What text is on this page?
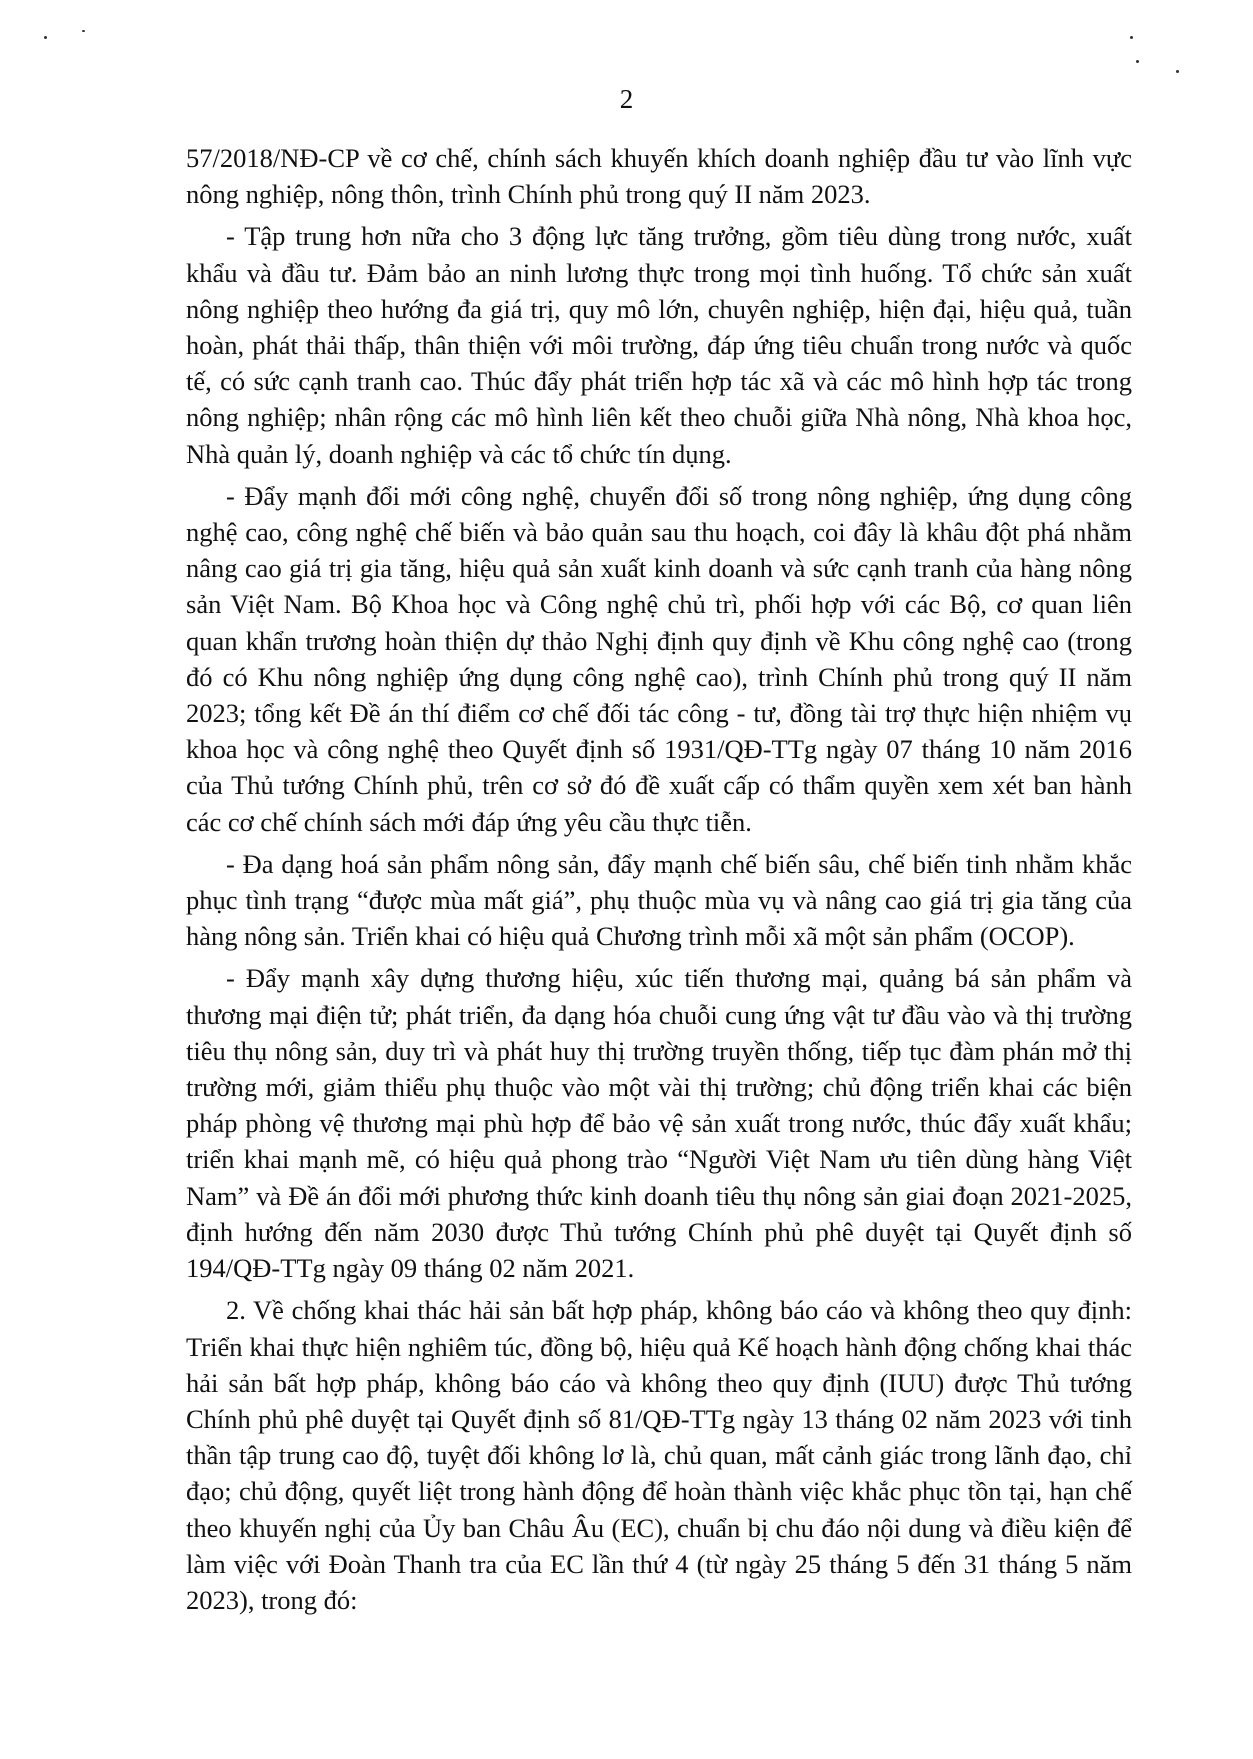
2

57/2018/NĐ-CP về cơ chế, chính sách khuyến khích doanh nghiệp đầu tư vào lĩnh vực nông nghiệp, nông thôn, trình Chính phủ trong quý II năm 2023.

- Tập trung hơn nữa cho 3 động lực tăng trưởng, gồm tiêu dùng trong nước, xuất khẩu và đầu tư. Đảm bảo an ninh lương thực trong mọi tình huống. Tổ chức sản xuất nông nghiệp theo hướng đa giá trị, quy mô lớn, chuyên nghiệp, hiện đại, hiệu quả, tuần hoàn, phát thải thấp, thân thiện với môi trường, đáp ứng tiêu chuẩn trong nước và quốc tế, có sức cạnh tranh cao. Thúc đẩy phát triển hợp tác xã và các mô hình hợp tác trong nông nghiệp; nhân rộng các mô hình liên kết theo chuỗi giữa Nhà nông, Nhà khoa học, Nhà quản lý, doanh nghiệp và các tổ chức tín dụng.

- Đẩy mạnh đổi mới công nghệ, chuyển đổi số trong nông nghiệp, ứng dụng công nghệ cao, công nghệ chế biến và bảo quản sau thu hoạch, coi đây là khâu đột phá nhằm nâng cao giá trị gia tăng, hiệu quả sản xuất kinh doanh và sức cạnh tranh của hàng nông sản Việt Nam. Bộ Khoa học và Công nghệ chủ trì, phối hợp với các Bộ, cơ quan liên quan khẩn trương hoàn thiện dự thảo Nghị định quy định về Khu công nghệ cao (trong đó có Khu nông nghiệp ứng dụng công nghệ cao), trình Chính phủ trong quý II năm 2023; tổng kết Đề án thí điểm cơ chế đối tác công - tư, đồng tài trợ thực hiện nhiệm vụ khoa học và công nghệ theo Quyết định số 1931/QĐ-TTg ngày 07 tháng 10 năm 2016 của Thủ tướng Chính phủ, trên cơ sở đó đề xuất cấp có thẩm quyền xem xét ban hành các cơ chế chính sách mới đáp ứng yêu cầu thực tiễn.

- Đa dạng hoá sản phẩm nông sản, đẩy mạnh chế biến sâu, chế biến tinh nhằm khắc phục tình trạng “được mùa mất giá”, phụ thuộc mùa vụ và nâng cao giá trị gia tăng của hàng nông sản. Triển khai có hiệu quả Chương trình mỗi xã một sản phẩm (OCOP).

- Đẩy mạnh xây dựng thương hiệu, xúc tiến thương mại, quảng bá sản phẩm và thương mại điện tử; phát triển, đa dạng hóa chuỗi cung ứng vật tư đầu vào và thị trường tiêu thụ nông sản, duy trì và phát huy thị trường truyền thống, tiếp tục đàm phán mở thị trường mới, giảm thiểu phụ thuộc vào một vài thị trường; chủ động triển khai các biện pháp phòng vệ thương mại phù hợp để bảo vệ sản xuất trong nước, thúc đẩy xuất khẩu; triển khai mạnh mẽ, có hiệu quả phong trào “Người Việt Nam ưu tiên dùng hàng Việt Nam” và Đề án đổi mới phương thức kinh doanh tiêu thụ nông sản giai đoạn 2021-2025, định hướng đến năm 2030 được Thủ tướng Chính phủ phê duyệt tại Quyết định số 194/QĐ-TTg ngày 09 tháng 02 năm 2021.

2. Về chống khai thác hải sản bất hợp pháp, không báo cáo và không theo quy định: Triển khai thực hiện nghiêm túc, đồng bộ, hiệu quả Kế hoạch hành động chống khai thác hải sản bất hợp pháp, không báo cáo và không theo quy định (IUU) được Thủ tướng Chính phủ phê duyệt tại Quyết định số 81/QĐ-TTg ngày 13 tháng 02 năm 2023 với tinh thần tập trung cao độ, tuyệt đối không lơ là, chủ quan, mất cảnh giác trong lãnh đạo, chỉ đạo; chủ động, quyết liệt trong hành động để hoàn thành việc khắc phục tồn tại, hạn chế theo khuyến nghị của Ủy ban Châu Âu (EC), chuẩn bị chu đáo nội dung và điều kiện để làm việc với Đoàn Thanh tra của EC lần thứ 4 (từ ngày 25 tháng 5 đến 31 tháng 5 năm 2023), trong đó:
